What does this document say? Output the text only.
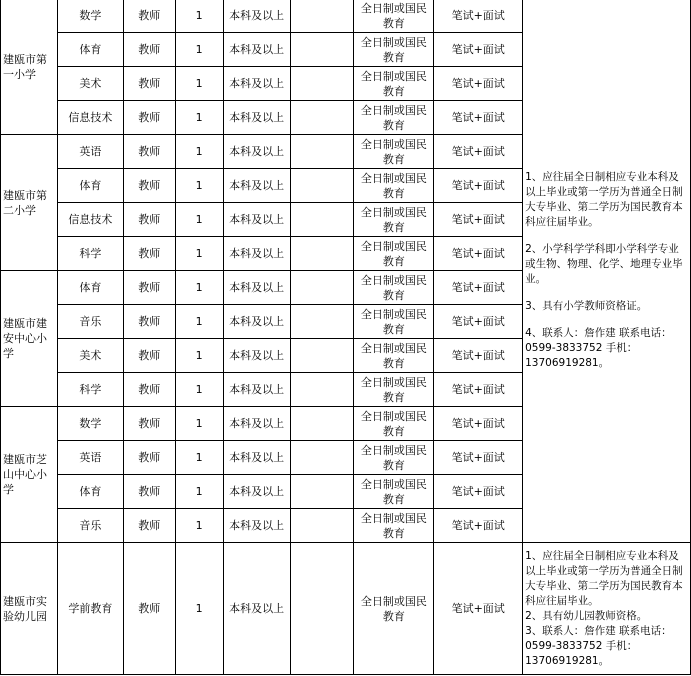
建瓯市第一小学	数学	教师	1	本科及以上		全日制或国民教育	笔试+面试	1、应往届全日制相应专业本科及以上毕业或第一学历为普通全日制大专毕业、第二学历为国民教育本科应往届毕业。
2、小学科学学科即小学科学专业或生物、物理、化学、地理专业毕业。
3、具有小学教师资格证。
4、联系人：詹作建 联系电话：0599-3833752 手机：13706919281。

	体育	教师	1	本科及以上		全日制或国民教育	笔试+面试	
	美术	教师	1	本科及以上		全日制或国民教育	笔试+面试	
	信息技术	教师	1	本科及以上		全日制或国民教育	笔试+面试	
建瓯市第二小学	英语	教师	1	本科及以上		全日制或国民教育	笔试+面试	
	体育	教师	1	本科及以上		全日制或国民教育	笔试+面试	
	信息技术	教师	1	本科及以上		全日制或国民教育	笔试+面试	
	科学	教师	1	本科及以上		全日制或国民教育	笔试+面试	
建瓯市建安中心小学	体育	教师	1	本科及以上		全日制或国民教育	笔试+面试	
	音乐	教师	1	本科及以上		全日制或国民教育	笔试+面试	
	美术	教师	1	本科及以上		全日制或国民教育	笔试+面试	
	科学	教师	1	本科及以上		全日制或国民教育	笔试+面试	
建瓯市芝山中心小学	数学	教师	1	本科及以上		全日制或国民教育	笔试+面试	
	英语	教师	1	本科及以上		全日制或国民教育	笔试+面试	
	体育	教师	1	本科及以上		全日制或国民教育	笔试+面试	
	音乐	教师	1	本科及以上		全日制或国民教育	笔试+面试	
建瓯市实验幼儿园	学前教育	教师	1	本科及以上		全日制或国民教育	笔试+面试	1、应往届全日制相应专业本科及以上毕业或第一学历为普通全日制大专毕业、第二学历为国民教育本科应往届毕业。
2、具有幼儿园教师资格。
3、联系人：詹作建 联系电话：0599-3833752 手机：13706919281。
